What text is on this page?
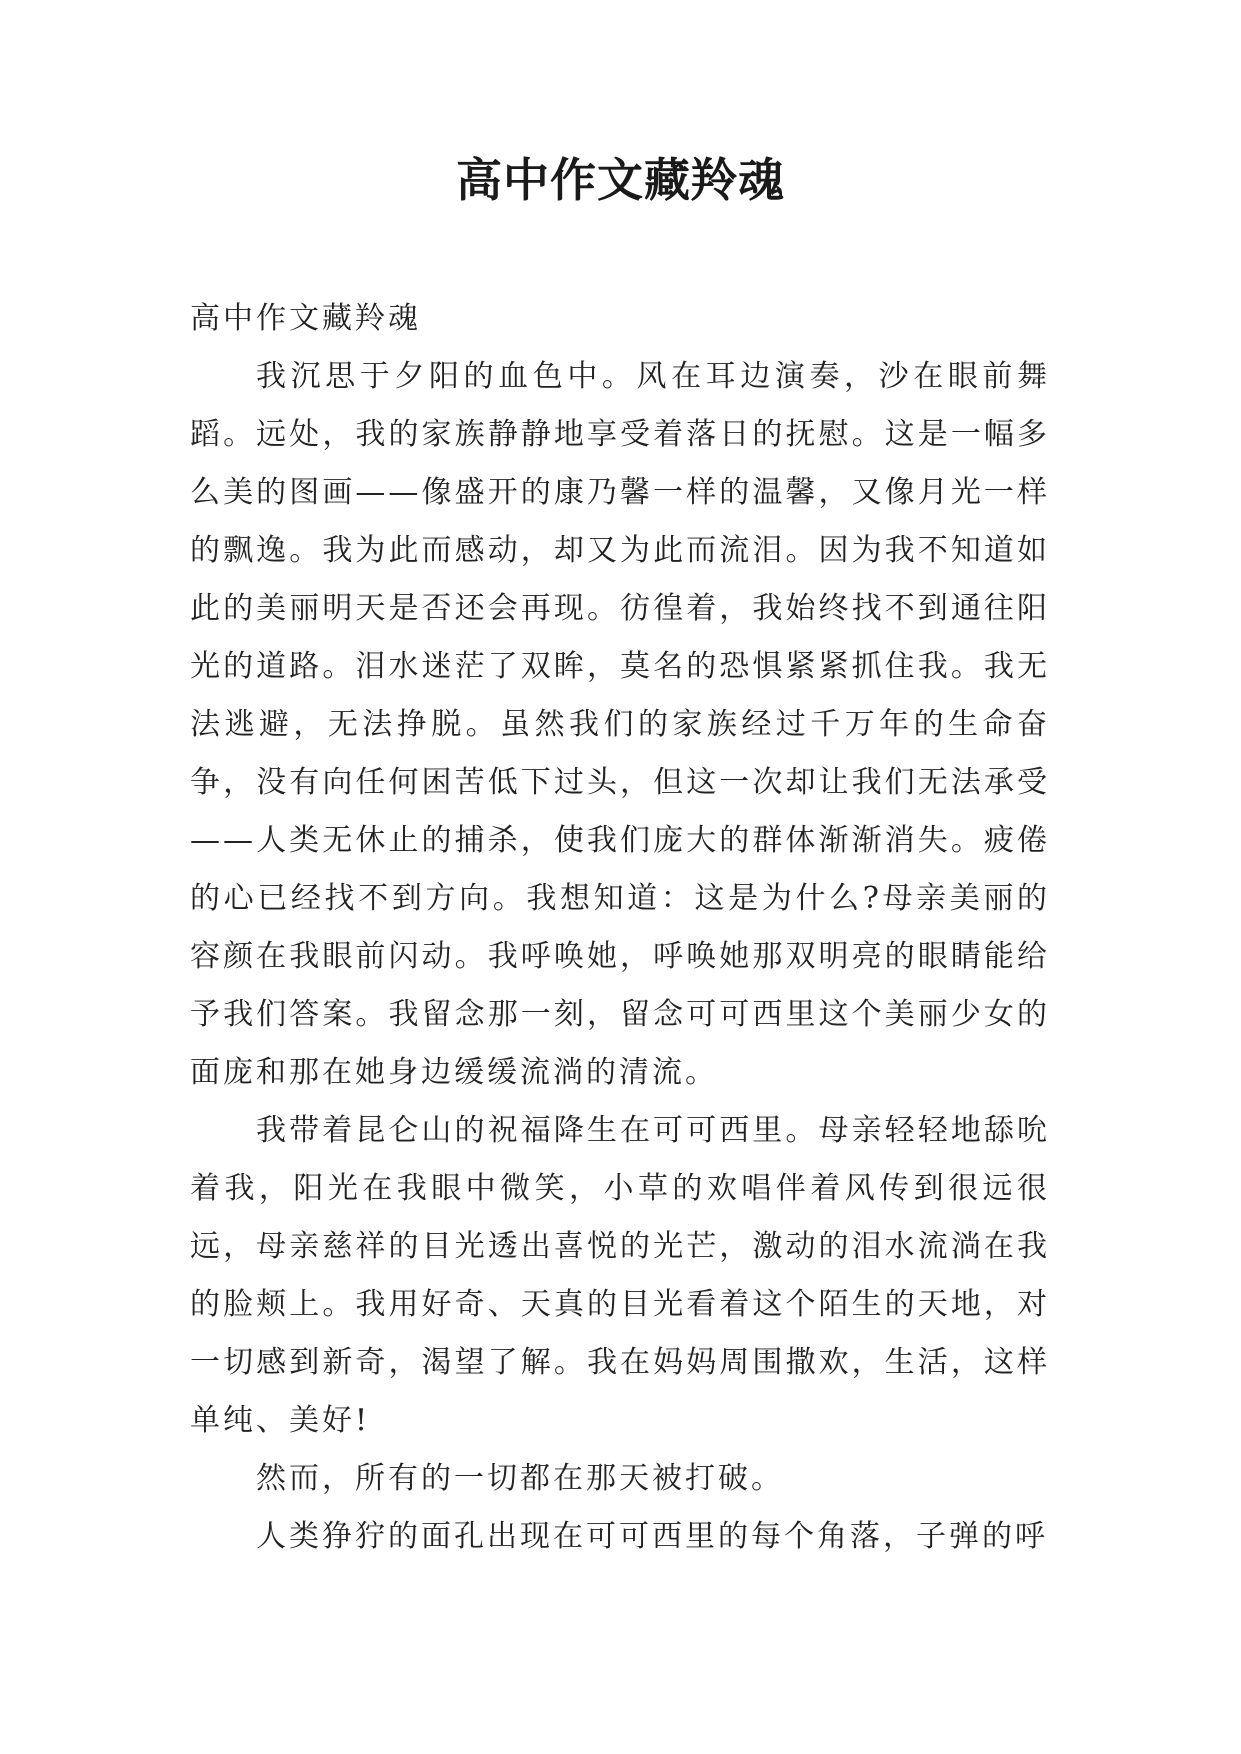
高中作文藏羚魂

高中作文藏羚魂

我沉思于夕阳的血色中。风在耳边演奏，沙在眼前舞蹈。远处，我的家族静静地享受着落日的抚慰。这是一幅多么美的图画——像盛开的康乃馨一样的温馨，又像月光一样的飘逸。我为此而感动，却又为此而流泪。因为我不知道如此的美丽明天是否还会再现。彷徨着，我始终找不到通往阳光的道路。泪水迷茫了双眸，莫名的恐惧紧紧抓住我。我无法逃避，无法挣脱。虽然我们的家族经过千万年的生命奋争，没有向任何困苦低下过头，但这一次却让我们无法承受——人类无休止的捕杀，使我们庞大的群体渐渐消失。疲倦的心已经找不到方向。我想知道：这是为什么?母亲美丽的容颜在我眼前闪动。我呼唤她，呼唤她那双明亮的眼睛能给予我们答案。我留念那一刻，留念可可西里这个美丽少女的面庞和那在她身边缓缓流淌的清流。

我带着昆仑山的祝福降生在可可西里。母亲轻轻地舔吮着我，阳光在我眼中微笑，小草的欢唱伴着风传到很远很远，母亲慈祥的目光透出喜悦的光芒，激动的泪水流淌在我的脸颊上。我用好奇、天真的目光看着这个陌生的天地，对一切感到新奇，渴望了解。我在妈妈周围撒欢，生活，这样单纯、美好!

然而，所有的一切都在那天被打破。

人类狰狞的面孔出现在可可西里的每个角落，子弹的呼
